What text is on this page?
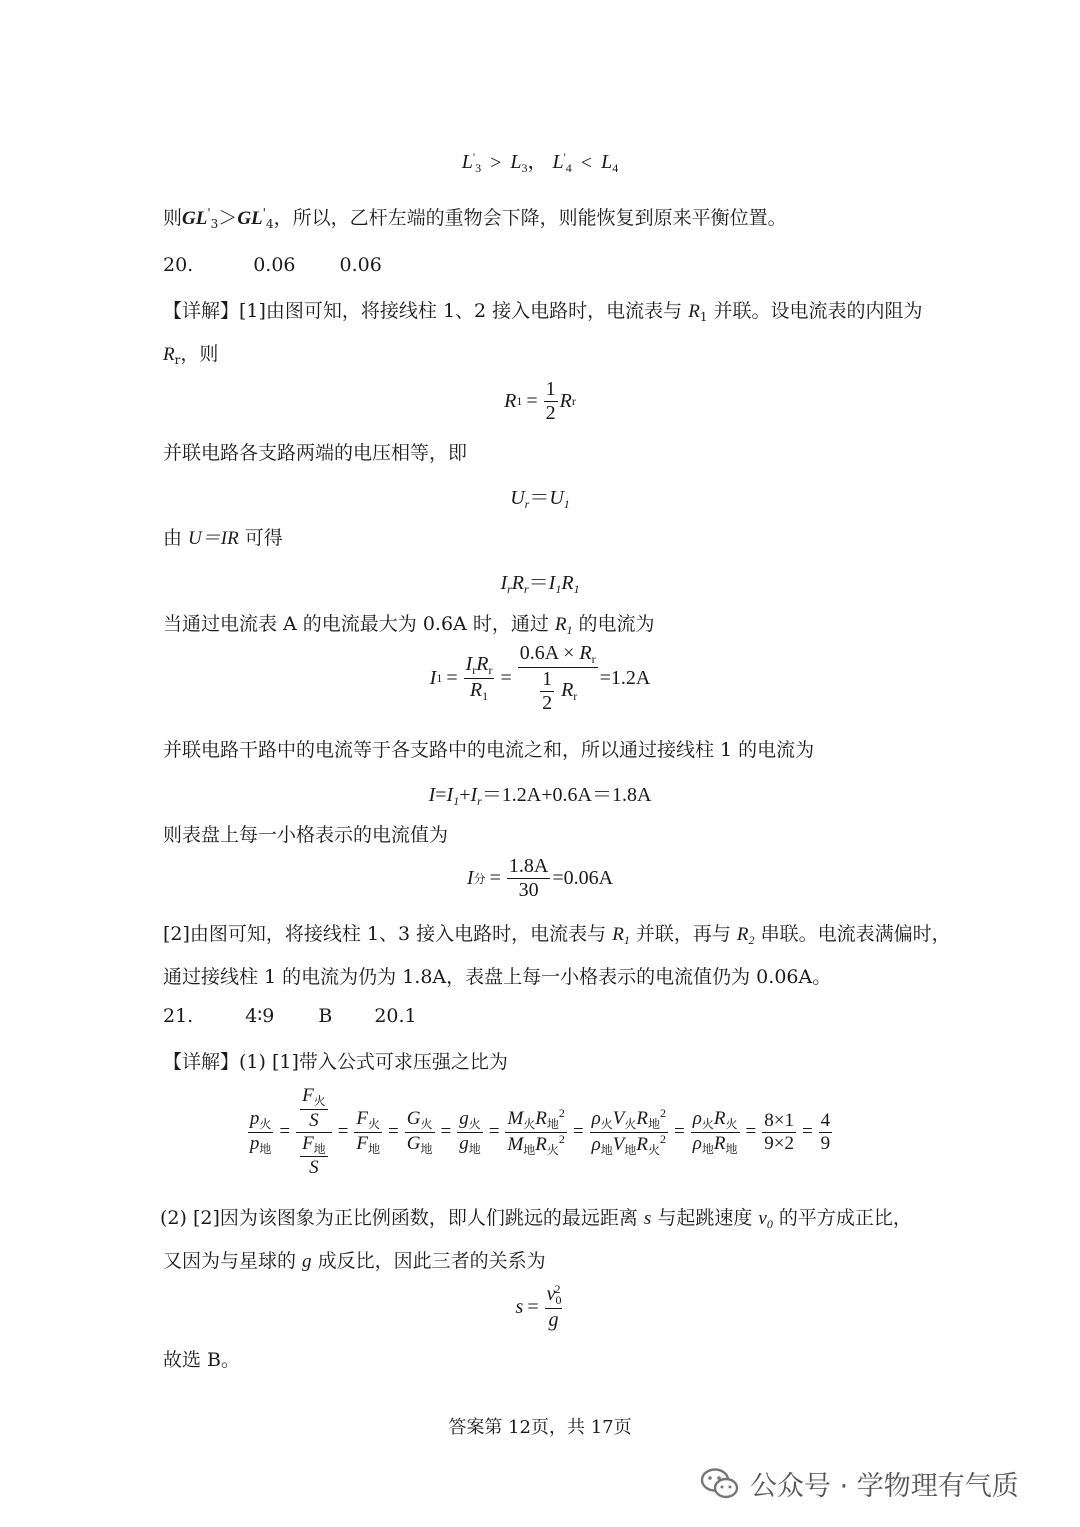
$L'_3 > L_3$， $L'_4 < L_4$
则$GL'_3>GL'_4$，所以，乙杆左端的重物会下降，则能恢复到原来平衡位置。
20.	0.06 0.06
【详解】[1]由图可知，将接线柱 1、2 接入电路时，电流表与 $R_1$ 并联。设电流表的内阻为
$R_r$，则
R $1 = \frac{1}{2}$ R r
并联电路各支路两端的电压相等，即
$U_r=U_1$
由 U＝IR 可得
$I_rR_r=I_1R_1$
当通过电流表 A 的电流最大为 0.6A 时，通过 $R_1$ 的电流为
I $1 = \frac{I_rR_r}{R_1} = \frac{0.6A \times R_r}{\frac{1}{2} R_r} =1.2A$
并联电路干路中的电流等于各支路中的电流之和，所以通过接线柱 1 的电流为
$I=I_1+I_r=1.2A+0.6A=1.8A$
则表盘上每一小格表示的电流值为
I 分 = $\frac{1.8A}{30} =0.06A$
[2]由图可知，将接线柱 1、3 接入电路时，电流表与 $R_1$ 并联，再与 $R_2$ 串联。电流表满偏时，
通过接线柱 1 的电流为仍为 1.8A，表盘上每一小格表示的电流值仍为 0.06A。
21.	4∶9 B 20.1
【详解】(1) [1]带入公式可求压强之比为
$\frac{p_火}{p_地} = \frac{\frac{F_火}{S}}{\frac{F_地}{S}} = \frac{F_火}{F_地} = \frac{G_火}{G_地} = \frac{g_火}{g_地} = \frac{M_火R_地^2}{M_地R_火^2} = \frac{\rho_火V_火R_地^2}{\rho_地V_地R_火^2} = \frac{\rho_火R_火}{\rho_地R_地} = \frac{8\times 1}{9\times 2} = \frac{4}{9}$
(2) [2]因为该图象为正比例函数，即人们跳远的最远距离 s 与起跳速度 $v_0$ 的平方成正比，
又因为与星球的 g 成反比，因此三者的关系为
$s = \frac{v_0^2}{g}$
故选 B。
答案第 12页，共 17页
公众号 · 学物理有气质
